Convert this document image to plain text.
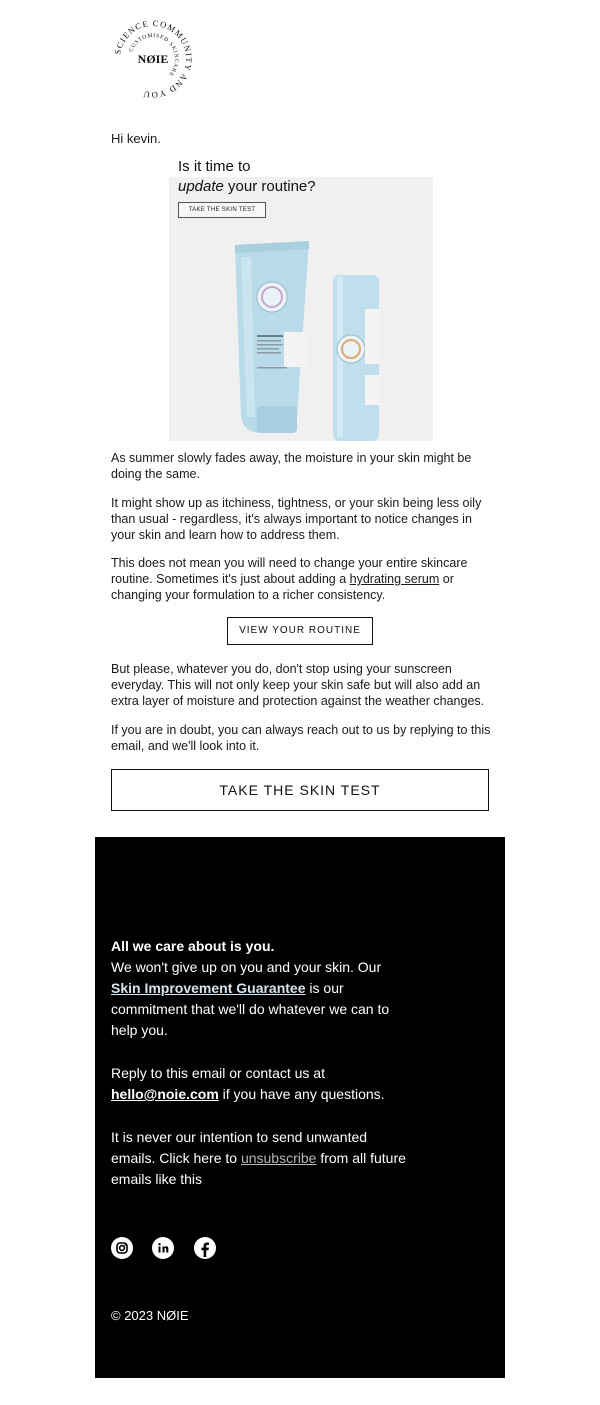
SCIENCE COMMUNITY AND YOU
CUSTOMISED SKINCARE
NØIE
Hi kevin.
Is it time to
update your routine?
TAKE THE SKIN TEST
As summer slowly fades away, the moisture in your skin might be doing the same.
It might show up as itchiness, tightness, or your skin being less oily than usual - regardless, it's always important to notice changes in your skin and learn how to address them.
This does not mean you will need to change your entire skincare routine. Sometimes it's just about adding a hydrating serum or changing your formulation to a richer consistency.
VIEW YOUR ROUTINE
But please, whatever you do, don't stop using your sunscreen everyday. This will not only keep your skin safe but will also add an extra layer of moisture and protection against the weather changes.
If you are in doubt, you can always reach out to us by replying to this email, and we'll look into it.
TAKE THE SKIN TEST
All we care about is you.
We won't give up on you and your skin. Our Skin Improvement Guarantee is our commitment that we'll do whatever we can to help you.
Reply to this email or contact us at hello@noie.com if you have any questions.
It is never our intention to send unwanted emails. Click here to unsubscribe from all future emails like this
© 2023 NØIE
